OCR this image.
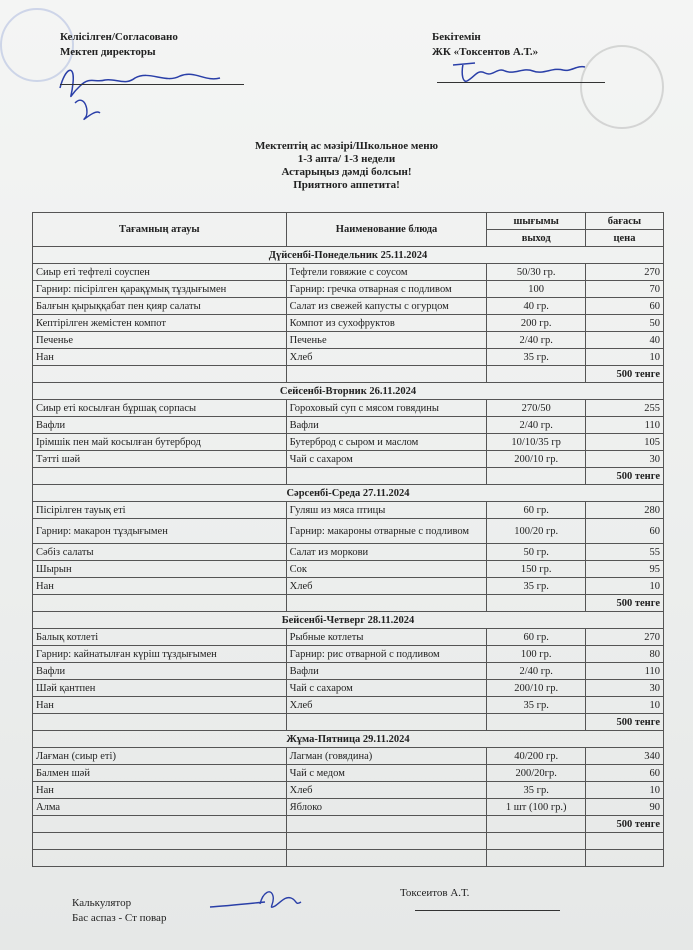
Келісілген/Согласовано
Мектеп директоры
Бекітемін
ЖК «Токсентов А.Т.»
Мектептің ас мәзірі/Школьное меню
1-3 апта/ 1-3 недели
Астарыңыз дәмді болсын!
Приятного аппетита!
Тағамның атауы	Наименование блюда	шығымы	бағасы
		выход	цена
Дүйсенбі-Понедельник 25.11.2024			
Сиыр еті тефтелі соуспен	Тефтели говяжие с соусом	50/30 гр.	270
Гарнир: пісірілген қарақұмық тұздығымен	Гарнир: гречка отварная с подливом	100	70
Балғын қырыққабат пен қияр салаты	Салат из свежей капусты с огурцом	40 гр.	60
Кептірілген жемістен компот	Компот из сухофруктов	200 гр.	50
Печенье	Печенье	2/40 гр.	40
Нан	Хлеб	35 гр.	10
			500 тенге
Сейсенбі-Вторник 26.11.2024			
Сиыр еті косылған бұршақ сорпасы	Гороховый суп с мясом говядины	270/50	255
Вафли	Вафли	2/40 гр.	110
Ірімшік пен май косылған бутерброд	Бутерброд с сыром и маслом	10/10/35 гр	105
Тәтті шәй	Чай с сахаром	200/10 гр.	30
			500 тенге
Сәрсенбі-Среда 27.11.2024			
Пісірілген тауық еті	Гуляш из мяса птицы	60 гр.	280
Гарнир: макарон тұздығымен	Гарнир: макароны отварные с подливом	100/20 гр.	60
Сәбіз салаты	Салат из моркови	50 гр.	55
Шырын	Сок	150 гр.	95
Нан	Хлеб	35 гр.	10
			500 тенге
Бейсенбі-Четверг 28.11.2024			
Балық котлеті	Рыбные котлеты	60 гр.	270
Гарнир: кайнатылған күріш тұздығымен	Гарнир: рис отварной с подливом	100 гр.	80
Вафли	Вафли	2/40 гр.	110
Шәй қантпен	Чай с сахаром	200/10 гр.	30
Нан	Хлеб	35 гр.	10
			500 тенге
Жұма-Пятница 29.11.2024			
Лағман (сиыр еті)	Лагман (говядина)	40/200 гр.	340
Балмен шәй	Чай с медом	200/20гр.	60
Нан	Хлеб	35 гр.	10
Алма	Яблоко	1 шт (100 гр.)	90
			500 тенге

Калькулятор
Бас аспаз - Ст повар
Токсеитов А.Т.
